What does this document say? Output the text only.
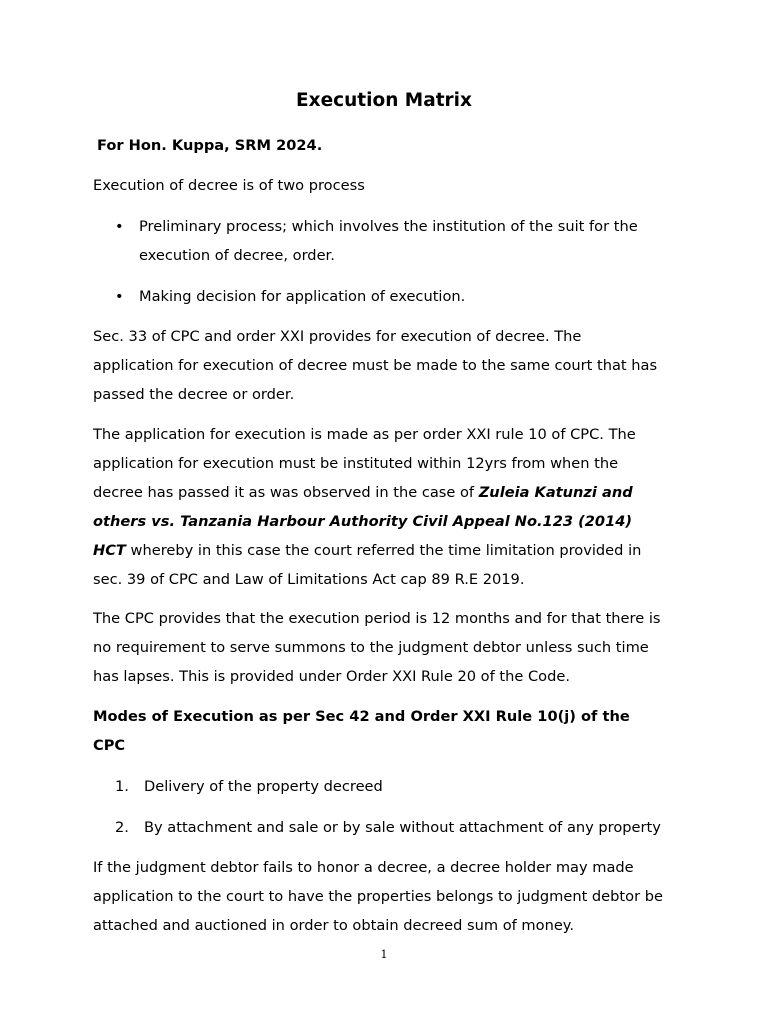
Execution Matrix
For Hon. Kuppa, SRM 2024.
Execution of decree is of two process
• Preliminary process; which involves the institution of the suit for the
execution of decree, order.
• Making decision for application of execution.
Sec. 33 of CPC and order XXI provides for execution of decree. The
application for execution of decree must be made to the same court that has
passed the decree or order.
The application for execution is made as per order XXI rule 10 of CPC. The
application for execution must be instituted within 12yrs from when the
decree has passed it as was observed in the case of Zuleia Katunzi and
others vs. Tanzania Harbour Authority Civil Appeal No.123 (2014)
HCT whereby in this case the court referred the time limitation provided in
sec. 39 of CPC and Law of Limitations Act cap 89 R.E 2019.
The CPC provides that the execution period is 12 months and for that there is
no requirement to serve summons to the judgment debtor unless such time
has lapses. This is provided under Order XXI Rule 20 of the Code.
Modes of Execution as per Sec 42 and Order XXI Rule 10(j) of the
CPC
1. Delivery of the property decreed
2. By attachment and sale or by sale without attachment of any property
If the judgment debtor fails to honor a decree, a decree holder may made
application to the court to have the properties belongs to judgment debtor be
attached and auctioned in order to obtain decreed sum of money.
1
